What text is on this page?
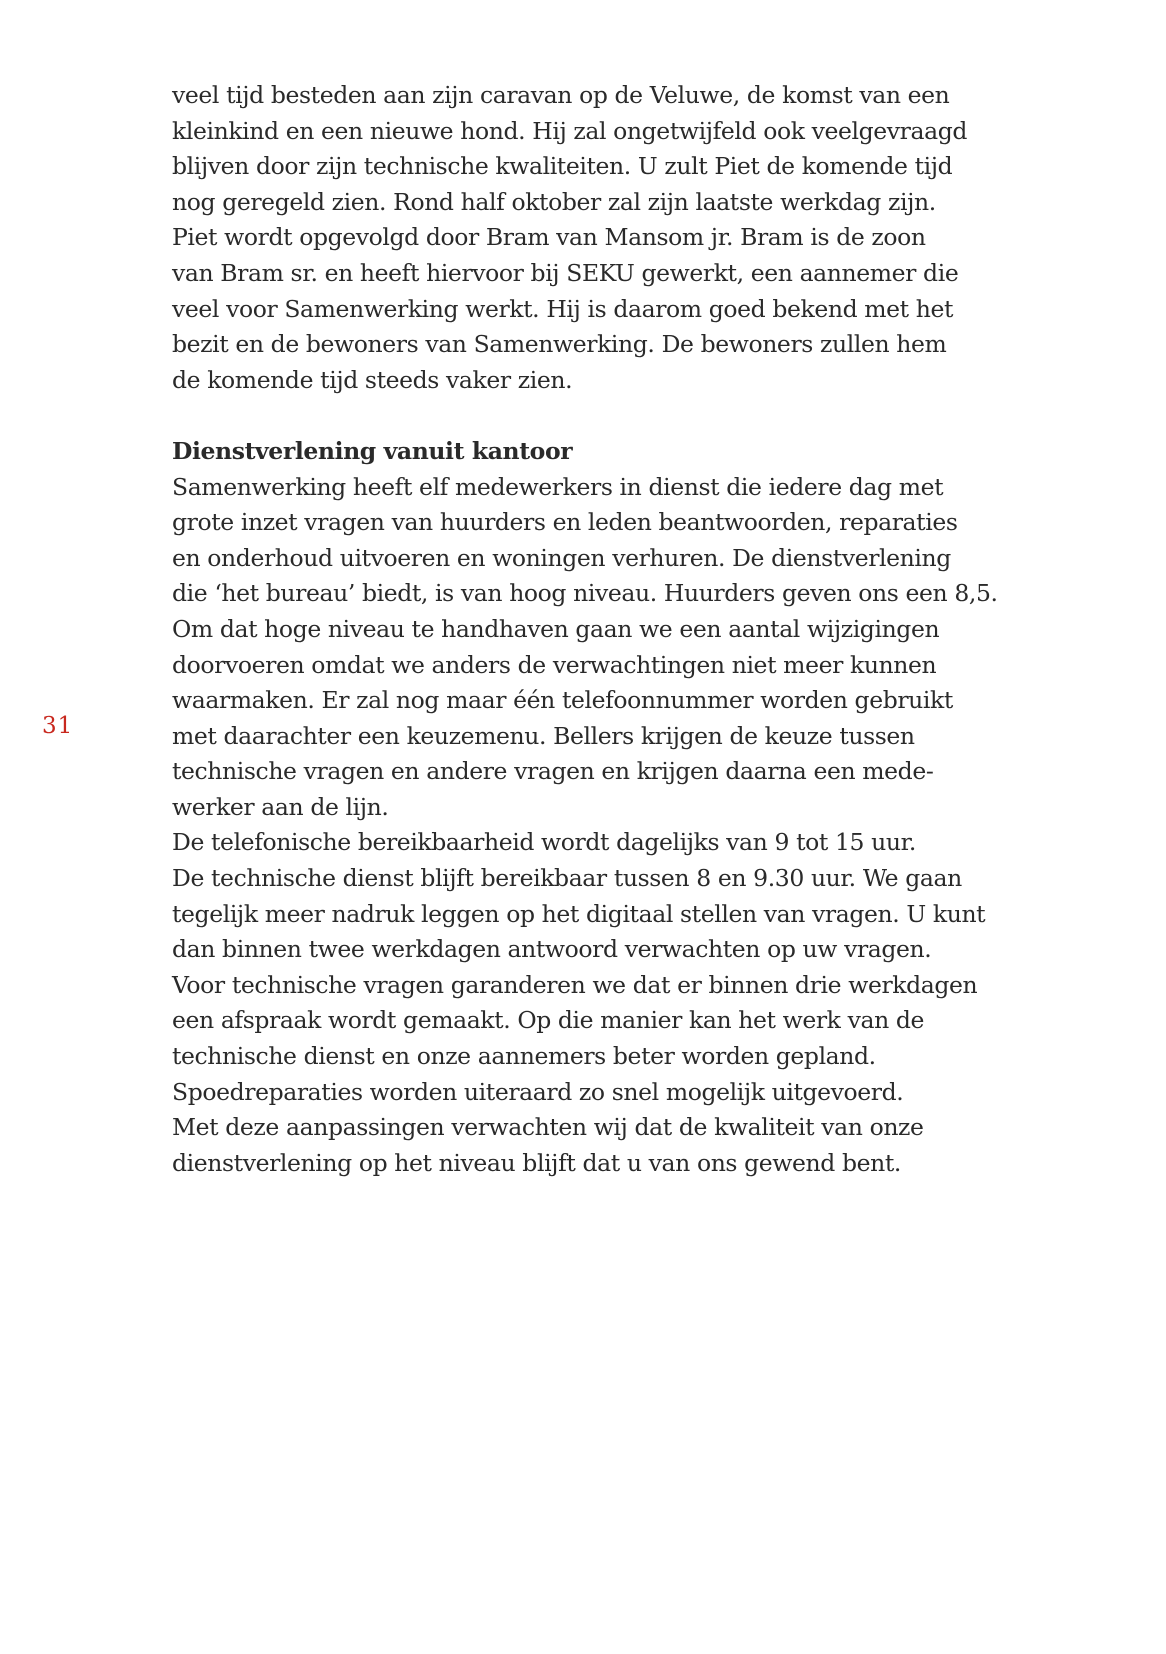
31
veel tijd besteden aan zijn caravan op de Veluwe, de komst van een
kleinkind en een nieuwe hond. Hij zal ongetwijfeld ook veelgevraagd
blijven door zijn technische kwaliteiten. U zult Piet de komende tijd
nog geregeld zien. Rond half oktober zal zijn laatste werkdag zijn.
Piet wordt opgevolgd door Bram van Mansom jr. Bram is de zoon
van Bram sr. en heeft hiervoor bij SEKU gewerkt, een aannemer die
veel voor Samenwerking werkt. Hij is daarom goed bekend met het
bezit en de bewoners van Samenwerking. De bewoners zullen hem
de komende tijd steeds vaker zien.
Dienstverlening vanuit kantoor
Samenwerking heeft elf medewerkers in dienst die iedere dag met
grote inzet vragen van huurders en leden beantwoorden, reparaties
en onderhoud uitvoeren en woningen verhuren. De dienstverlening
die ‘het bureau’ biedt, is van hoog niveau. Huurders geven ons een 8,5.
Om dat hoge niveau te handhaven gaan we een aantal wijzigingen
doorvoeren omdat we anders de verwachtingen niet meer kunnen
waarmaken. Er zal nog maar één telefoonnummer worden gebruikt
met daarachter een keuzemenu. Bellers krijgen de keuze tussen
technische vragen en andere vragen en krijgen daarna een mede-
werker aan de lijn.
De telefonische bereikbaarheid wordt dagelijks van 9 tot 15 uur.
De technische dienst blijft bereikbaar tussen 8 en 9.30 uur. We gaan
tegelijk meer nadruk leggen op het digitaal stellen van vragen. U kunt
dan binnen twee werkdagen antwoord verwachten op uw vragen.
Voor technische vragen garanderen we dat er binnen drie werkdagen
een afspraak wordt gemaakt. Op die manier kan het werk van de
technische dienst en onze aannemers beter worden gepland.
Spoedreparaties worden uiteraard zo snel mogelijk uitgevoerd.
Met deze aanpassingen verwachten wij dat de kwaliteit van onze
dienstverlening op het niveau blijft dat u van ons gewend bent.
